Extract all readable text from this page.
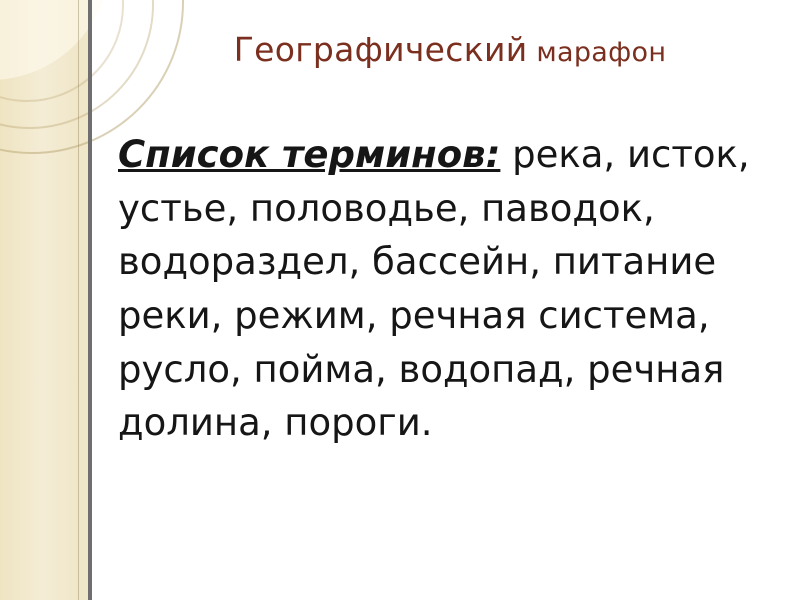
Географический марафон
Список терминов: река, исток, устье, половодье, паводок, водораздел, бассейн, питание реки, режим, речная система, русло, пойма, водопад, речная долина, пороги.
